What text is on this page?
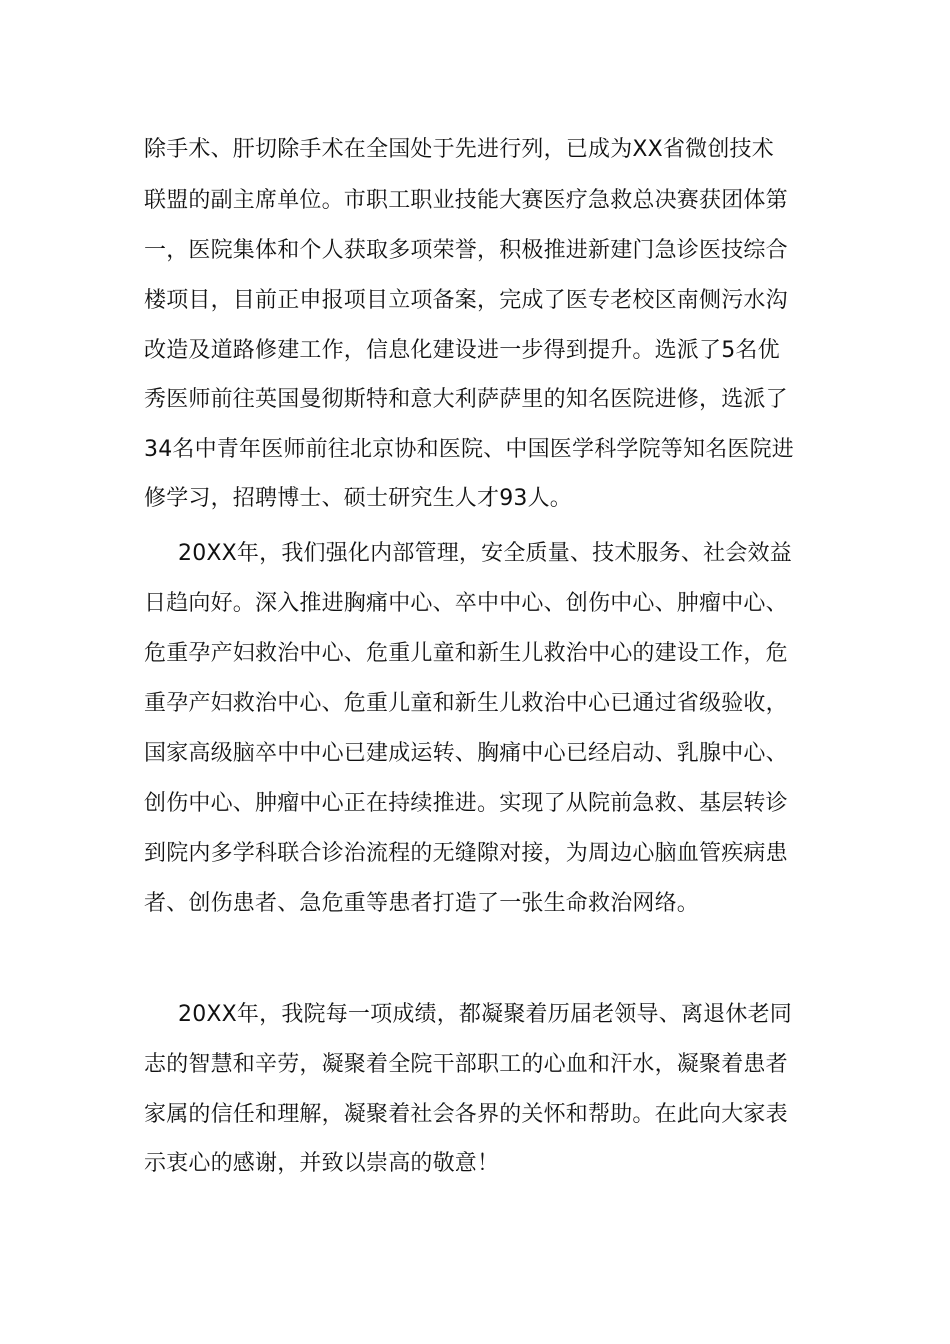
除手术、肝切除手术在全国处于先进行列，已成为XX省微创技术
联盟的副主席单位。市职工职业技能大赛医疗急救总决赛获团体第
一，医院集体和个人获取多项荣誉，积极推进新建门急诊医技综合
楼项目，目前正申报项目立项备案，完成了医专老校区南侧污水沟
改造及道路修建工作，信息化建设进一步得到提升。选派了5名优
秀医师前往英国曼彻斯特和意大利萨萨里的知名医院进修，选派了
34名中青年医师前往北京协和医院、中国医学科学院等知名医院进
修学习，招聘博士、硕士研究生人才93人。
20XX年，我们强化内部管理，安全质量、技术服务、社会效益
日趋向好。深入推进胸痛中心、卒中中心、创伤中心、肿瘤中心、
危重孕产妇救治中心、危重儿童和新生儿救治中心的建设工作，危
重孕产妇救治中心、危重儿童和新生儿救治中心已通过省级验收，
国家高级脑卒中中心已建成运转、胸痛中心已经启动、乳腺中心、
创伤中心、肿瘤中心正在持续推进。实现了从院前急救、基层转诊
到院内多学科联合诊治流程的无缝隙对接，为周边心脑血管疾病患
者、创伤患者、急危重等患者打造了一张生命救治网络。
20XX年，我院每一项成绩，都凝聚着历届老领导、离退休老同
志的智慧和辛劳，凝聚着全院干部职工的心血和汗水，凝聚着患者
家属的信任和理解，凝聚着社会各界的关怀和帮助。在此向大家表
示衷心的感谢，并致以崇高的敬意！
